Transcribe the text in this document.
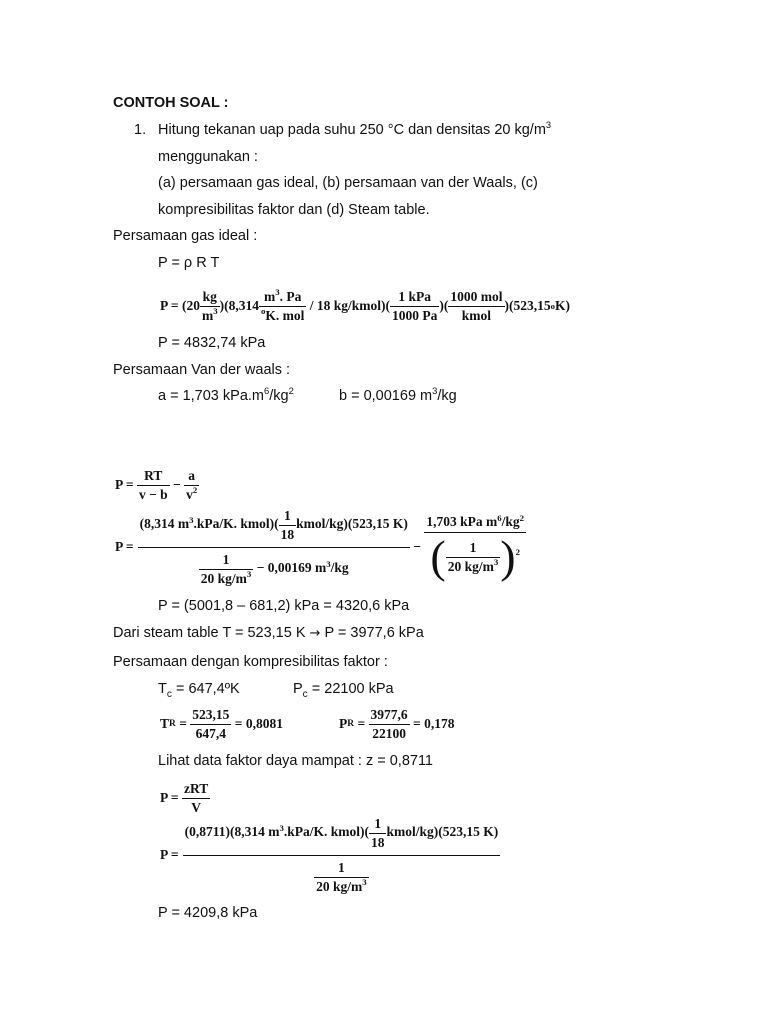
CONTOH SOAL :
1. Hitung tekanan uap pada suhu 250 °C dan densitas 20 $kg/m^3$
menggunakan :
(a) persamaan gas ideal, (b) persamaan van der Waals, (c)
kompresibilitas faktor dan (d) Steam table.
Persamaan gas ideal :
P = ρ R T
$P = (20 \frac{kg}{m3} )(8,314 \frac{m3. Pa}{\text{oK. mol}}$
/ 18 kg/kmol)( $\frac{\text{1 kPa}}{1000 Pa}$ )( $\frac{\text{1000 mol}}{\text{kmol}} )(523,15$ o K)
P = 4832,74 kPa
Persamaan Van der waals :
a = 1,703 $kPa.m^6/kg^2$	b = 0,00169 $m^3/kg$
P =
$\frac{RT}{v - b}$
−
$\frac{a}{v2}$
$P = \frac{(8,314 m3.kPa/K. kmol)( \frac{1}{18} kmol/kg)(523,15 K)}{\frac{1}{20 kg/m3} - 0,00169 m3/kg}$
−
$\frac{\text{1,703 kPa m6/kg2}}{( \frac{1}{20 kg/m3} )2}$
P = (5001,8 – 681,2) kPa = 4320,6 kPa
Dari steam table T = 523,15 K → P = 3977,6 kPa
Persamaan dengan kompresibilitas faktor :
$T_c$ = 647,4ºK	$P_c = 22100$ kPa
T R
=
$\frac{523,15}{647,4}$
= 0,8081	P R
=
$\frac{3977,6}{22100}$
= 0,178
Lihat data faktor daya mampat : z = 0,8711
P =
$\frac{\text{zRT}}{V}$
$P = \frac{(0,8711)(8,314 m3.kPa/K. kmol)( \frac{1}{18} kmol/kg)(523,15 K)}{\frac{1}{20 kg/m3}}$
P = 4209,8 kPa
